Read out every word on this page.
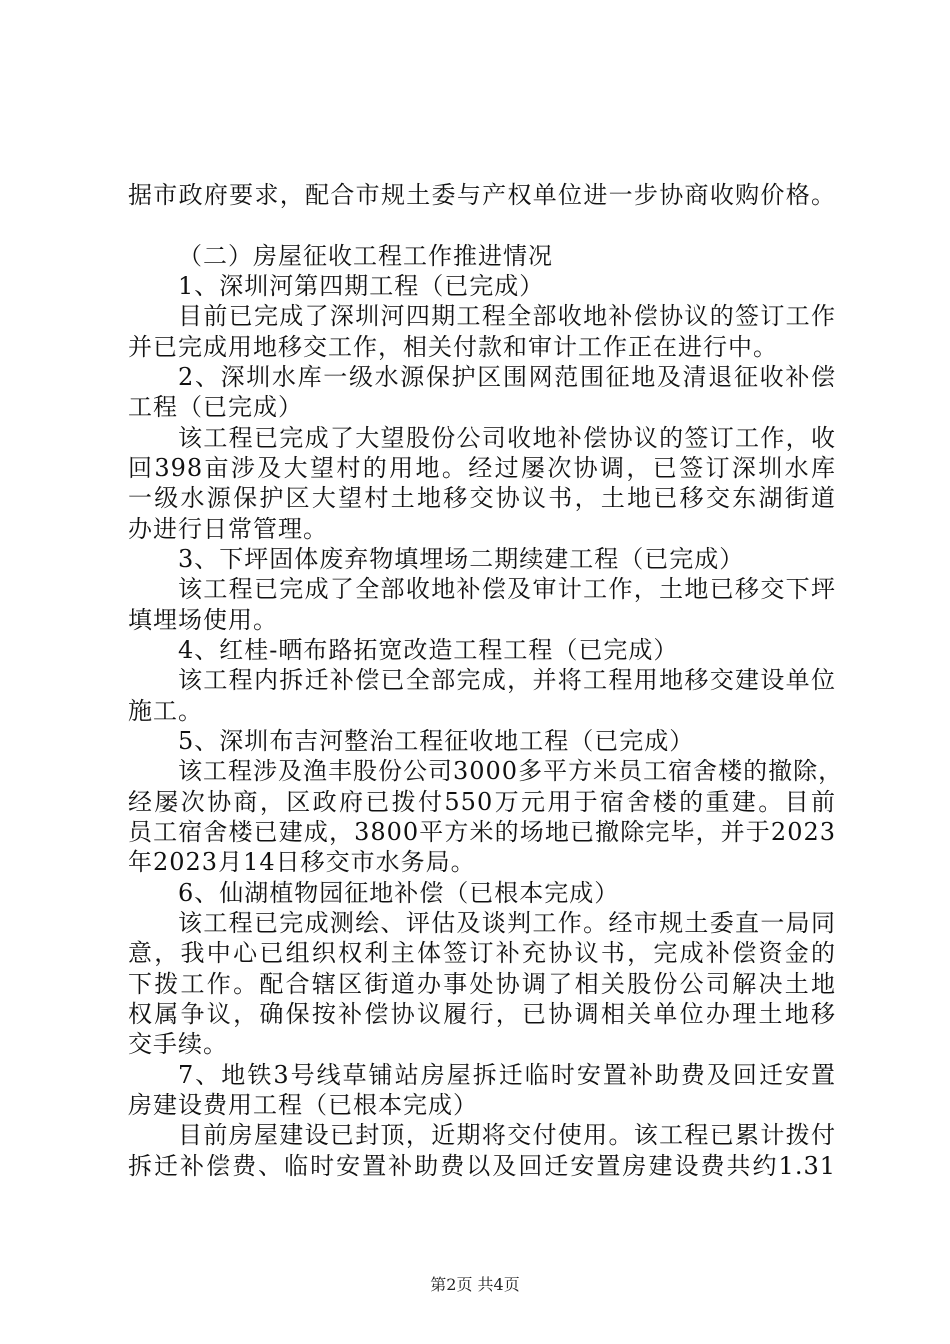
据市政府要求，配合市规土委与产权单位进一步协商收购价格。
（二）房屋征收工程工作推进情况
1、深圳河第四期工程（已完成）
目前已完成了深圳河四期工程全部收地补偿协议的签订工作
并已完成用地移交工作，相关付款和审计工作正在进行中。
2、深圳水库一级水源保护区围网范围征地及清退征收补偿
工程（已完成）
该工程已完成了大望股份公司收地补偿协议的签订工作，收
回398亩涉及大望村的用地。经过屡次协调，已签订深圳水库
一级水源保护区大望村土地移交协议书，土地已移交东湖街道
办进行日常管理。
3、下坪固体废弃物填埋场二期续建工程（已完成）
该工程已完成了全部收地补偿及审计工作，土地已移交下坪
填埋场使用。
4、红桂-晒布路拓宽改造工程工程（已完成）
该工程内拆迁补偿已全部完成，并将工程用地移交建设单位
施工。
5、深圳布吉河整治工程征收地工程（已完成）
该工程涉及渔丰股份公司3000多平方米员工宿舍楼的撤除，
经屡次协商，区政府已拨付550万元用于宿舍楼的重建。目前
员工宿舍楼已建成，3800平方米的场地已撤除完毕，并于2023
年2023月14日移交市水务局。
6、仙湖植物园征地补偿（已根本完成）
该工程已完成测绘、评估及谈判工作。经市规土委直一局同
意，我中心已组织权利主体签订补充协议书，完成补偿资金的
下拨工作。配合辖区街道办事处协调了相关股份公司解决土地
权属争议，确保按补偿协议履行，已协调相关单位办理土地移
交手续。
7、地铁3号线草铺站房屋拆迁临时安置补助费及回迁安置
房建设费用工程（已根本完成）
目前房屋建设已封顶，近期将交付使用。该工程已累计拨付
拆迁补偿费、临时安置补助费以及回迁安置房建设费共约1.31
第2页 共4页
